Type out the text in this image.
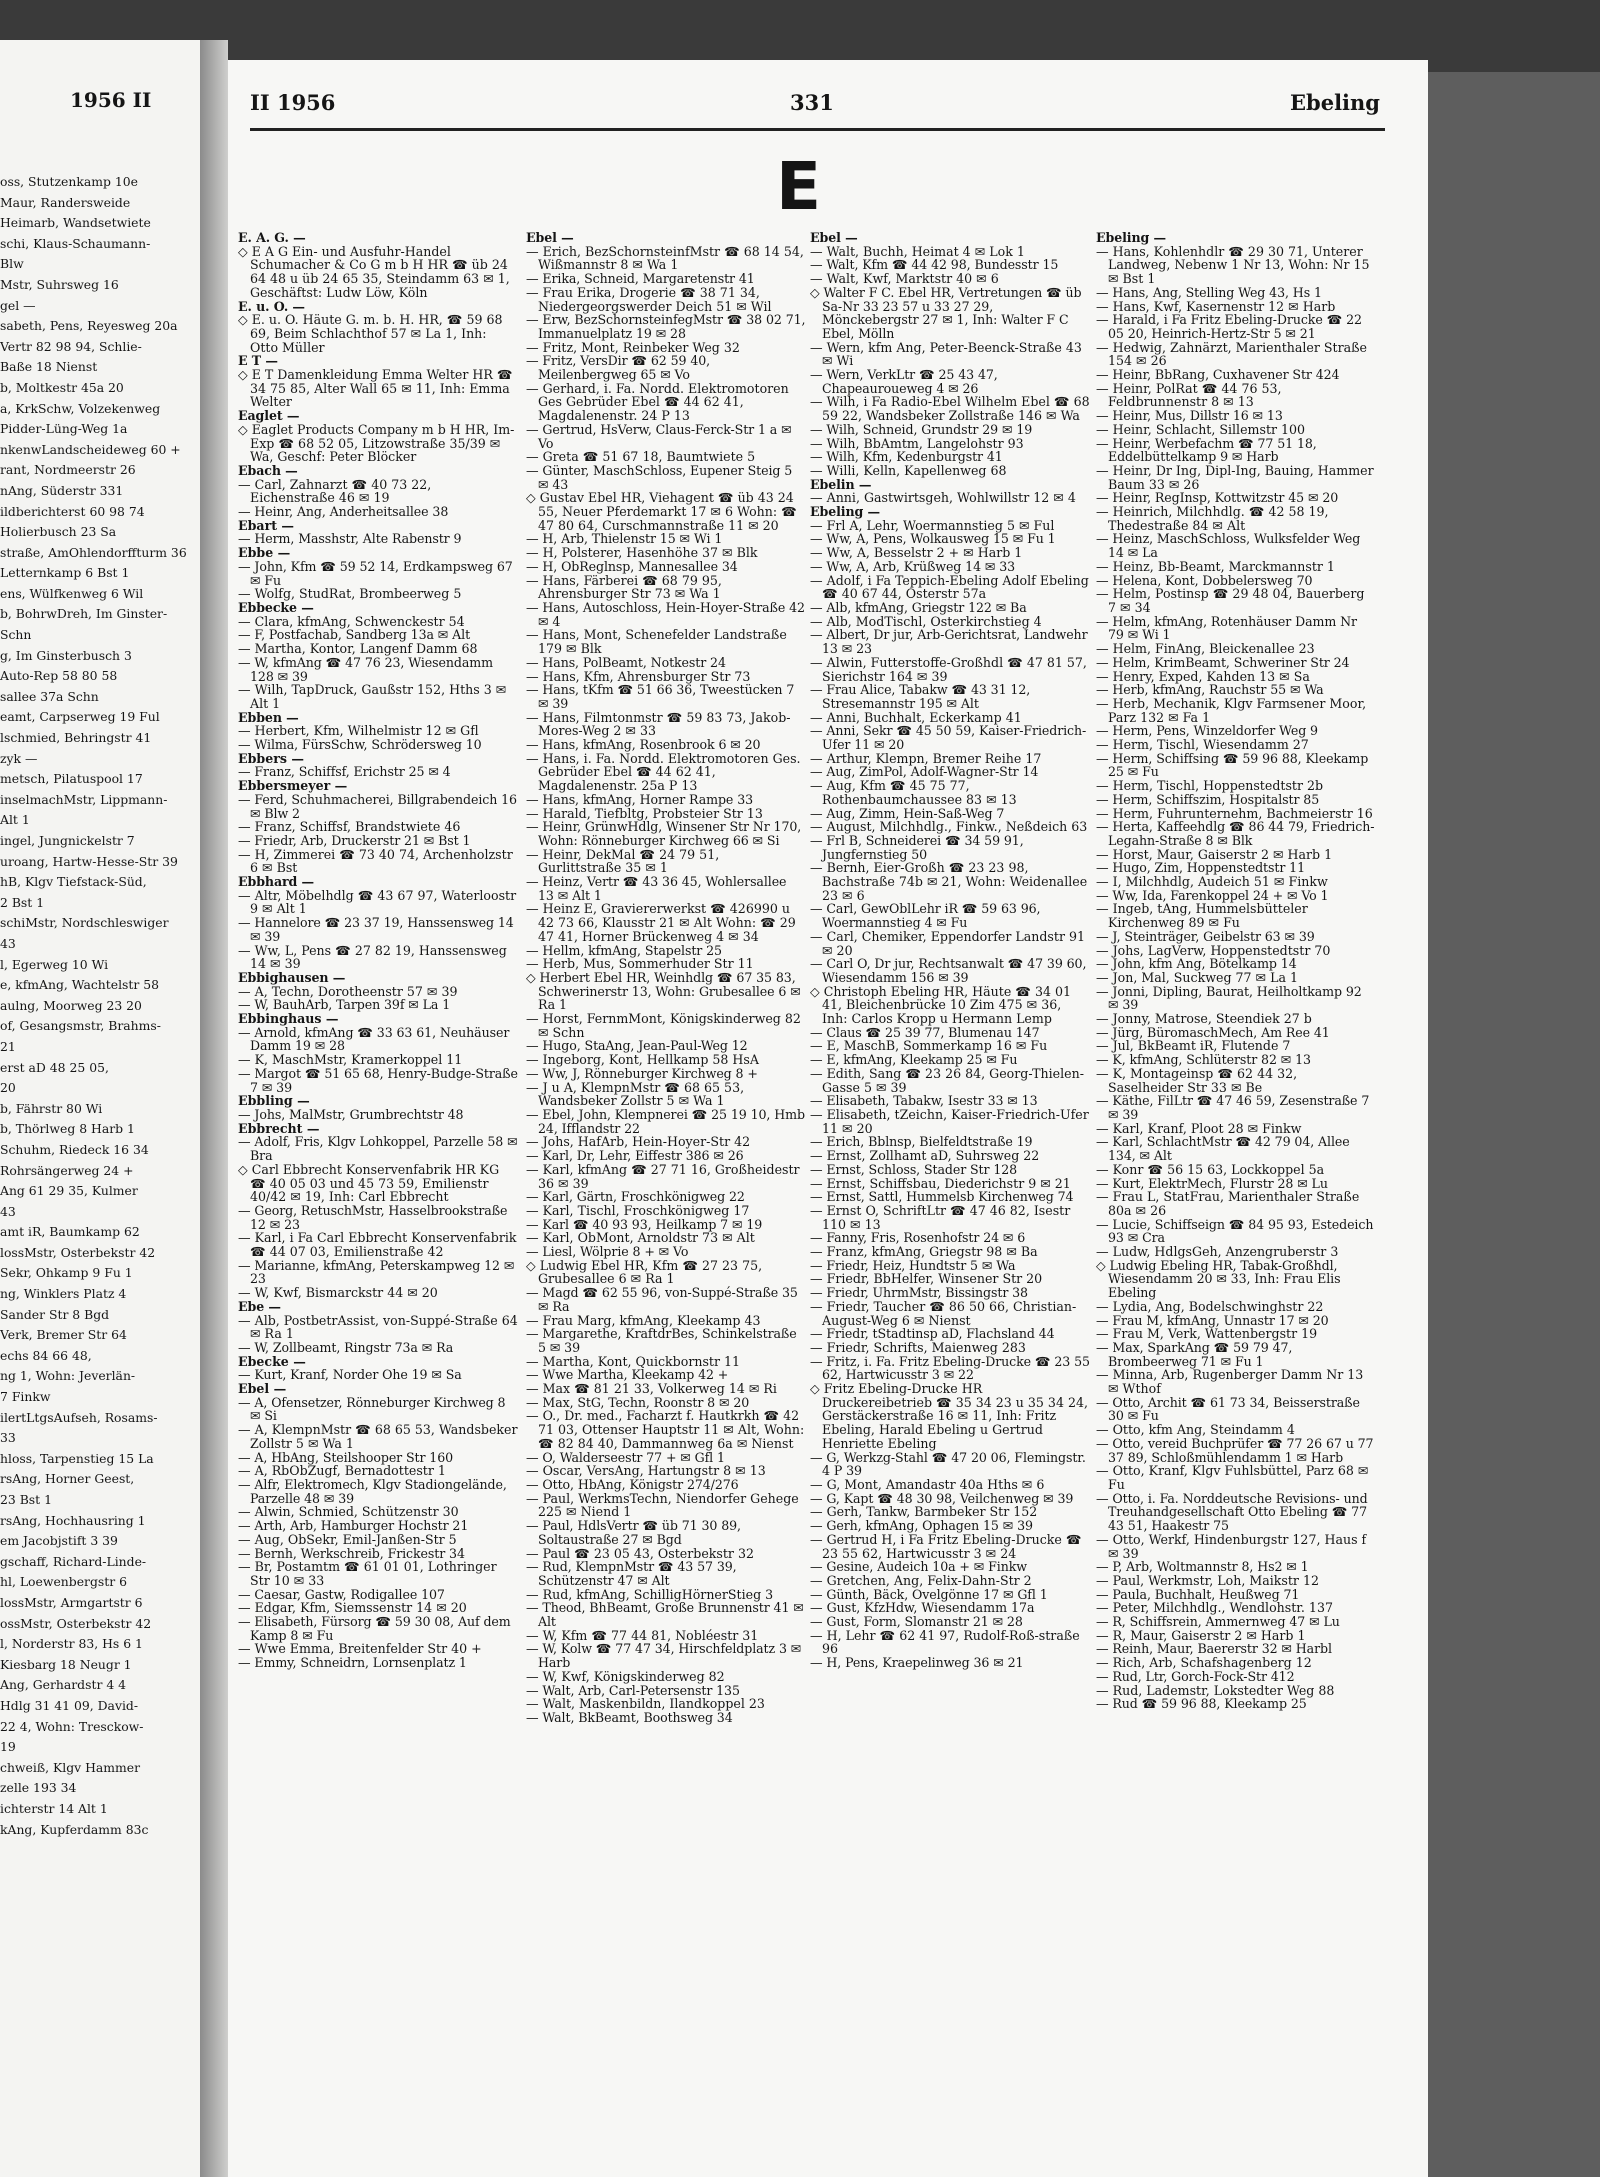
1956 II
oss, Stutzenkamp 10e
Maur, Randersweide
Heimarb, Wandsetwiete
schi, Klaus-Schaumann-
Blw
Mstr, Suhrsweg 16
gel —
sabeth, Pens, Reyesweg 20a
Vertr 82 98 94, Schlie-
Baße 18 Nienst
b, Moltkestr 45a 20
a, KrkSchw, Volzekenweg
Pidder-Lüng-Weg 1a
nkenwLandscheideweg 60 +
rant, Nordmeerstr 26
nAng, Süderstr 331
ildberichterst 60 98 74
Holierbusch 23 Sa
straße, AmOhlendorffturm 36
Letternkamp 6 Bst 1
ens, Wülfkenweg 6 Wil
b, BohrwDreh, Im Ginster-
Schn
g, Im Ginsterbusch 3
Auto-Rep 58 80 58
sallee 37a Schn
eamt, Carpserweg 19 Ful
lschmied, Behringstr 41
zyk —
metsch, Pilatuspool 17
inselmachMstr, Lippmann-
Alt 1
ingel, Jungnickelstr 7
uroang, Hartw-Hesse-Str 39
hB, Klgv Tiefstack-Süd,
2 Bst 1
schiMstr, Nordschleswiger
43
l, Egerweg 10 Wi
e, kfmAng, Wachtelstr 58
aulng, Moorweg 23 20
of, Gesangsmstr, Brahms-
21
erst aD 48 25 05,
20
b, Fährstr 80 Wi
b, Thörlweg 8 Harb 1
Schuhm, Riedeck 16 34
Rohrsängerweg 24 +
Ang 61 29 35, Kulmer
43
amt iR, Baumkamp 62
lossMstr, Osterbekstr 42
Sekr, Ohkamp 9 Fu 1
ng, Winklers Platz 4
Sander Str 8 Bgd
Verk, Bremer Str 64
echs 84 66 48,
ng 1, Wohn: Jeverlän-
7 Finkw
ilertLtgsAufseh, Rosams-
33
hloss, Tarpenstieg 15 La
rsAng, Horner Geest,
23 Bst 1
rsAng, Hochhausring 1
em Jacobjstift 3 39
gschaff, Richard-Linde-
hl, Loewenbergstr 6
lossMstr, Armgartstr 6
ossMstr, Osterbekstr 42
l, Norderstr 83, Hs 6 1
Kiesbarg 18 Neugr 1
Ang, Gerhardstr 4 4
Hdlg 31 41 09, David-
22 4, Wohn: Tresckow-
19
chweiß, Klgv Hammer
zelle 193 34
ichterstr 14 Alt 1
kAng, Kupferdamm 83c
II 1956	331	Ebeling
E

E. A. G. —

◇ E A G Ein- und Ausfuhr-Handel Schumacher & Co G m b H HR ☎ üb 24 64 48 u üb 24 65 35, Steindamm 63 ✉ 1, Geschäftst: Ludw Löw, Köln

E. u. O. —

◇ E. u. O. Häute G. m. b. H. HR, ☎ 59 68 69, Beim Schlachthof 57 ✉ La 1, Inh: Otto Müller

E T —

◇ E T Damenkleidung Emma Welter HR ☎ 34 75 85, Alter Wall 65 ✉ 11, Inh: Emma Welter

Eaglet —

◇ Eaglet Products Company m b H HR, Im-Exp ☎ 68 52 05, Litzowstraße 35/39 ✉ Wa, Geschf: Peter Blöcker

Ebach —

— Carl, Zahnarzt ☎ 40 73 22, Eichenstraße 46 ✉ 19

— Heinr, Ang, Anderheitsallee 38

Ebart —

— Herm, Masshstr, Alte Rabenstr 9

Ebbe —

— John, Kfm ☎ 59 52 14, Erdkampsweg 67 ✉ Fu

— Wolfg, StudRat, Brombeerweg 5

Ebbecke —

— Clara, kfmAng, Schwenckestr 54

— F, Postfachab, Sandberg 13a ✉ Alt

— Martha, Kontor, Langenf Damm 68

— W, kfmAng ☎ 47 76 23, Wiesendamm 128 ✉ 39

— Wilh, TapDruck, Gaußstr 152, Hths 3 ✉ Alt 1

Ebben —

— Herbert, Kfm, Wilhelmistr 12 ✉ Gfl

— Wilma, FürsSchw, Schrödersweg 10

Ebbers —

— Franz, Schiffsf, Erichstr 25 ✉ 4

Ebbersmeyer —

— Ferd, Schuhmacherei, Billgrabendeich 16 ✉ Blw 2

— Franz, Schiffsf, Brandstwiete 46

— Friedr, Arb, Druckerstr 21 ✉ Bst 1

— H, Zimmerei ☎ 73 40 74, Archenholzstr 6 ✉ Bst

Ebbhard —

— Altr, Möbelhdlg ☎ 43 67 97, Waterloostr 9 ✉ Alt 1

— Hannelore ☎ 23 37 19, Hanssensweg 14 ✉ 39

— Ww, L, Pens ☎ 27 82 19, Hanssensweg 14 ✉ 39

Ebbighausen —

— A, Techn, Dorotheenstr 57 ✉ 39

— W, BauhArb, Tarpen 39f ✉ La 1

Ebbinghaus —

— Arnold, kfmAng ☎ 33 63 61, Neuhäuser Damm 19 ✉ 28

— K, MaschMstr, Kramerkoppel 11

— Margot ☎ 51 65 68, Henry-Budge-Straße 7 ✉ 39

Ebbling —

— Johs, MalMstr, Grumbrechtstr 48

Ebbrecht —

— Adolf, Fris, Klgv Lohkoppel, Parzelle 58 ✉ Bra

◇ Carl Ebbrecht Konservenfabrik HR KG ☎ 40 05 03 und 45 73 59, Emilienstr 40/42 ✉ 19, Inh: Carl Ebbrecht

— Georg, RetuschMstr, Hasselbrookstraße 12 ✉ 23

— Karl, i Fa Carl Ebbrecht Konservenfabrik ☎ 44 07 03, Emilienstraße 42

— Marianne, kfmAng, Peterskampweg 12 ✉ 23

— W, Kwf, Bismarckstr 44 ✉ 20

Ebe —

— Alb, PostbetrAssist, von-Suppé-Straße 64 ✉ Ra 1

— W, Zollbeamt, Ringstr 73a ✉ Ra

Ebecke —

— Kurt, Kranf, Norder Ohe 19 ✉ Sa

Ebel —

— A, Ofensetzer, Rönneburger Kirchweg 8 ✉ Si

— A, KlempnMstr ☎ 68 65 53, Wandsbeker Zollstr 5 ✉ Wa 1

— A, HbAng, Steilshooper Str 160

— A, RbObZugf, Bernadottestr 1

— Alfr, Elektromech, Klgv Stadiongelände, Parzelle 48 ✉ 39

— Alwin, Schmied, Schützenstr 30

— Arth, Arb, Hamburger Hochstr 21

— Aug, ObSekr, Emil-Janßen-Str 5

— Bernh, Werkschreib, Frickestr 34

— Br, Postamtm ☎ 61 01 01, Lothringer Str 10 ✉ 33

— Caesar, Gastw, Rodigallee 107

— Edgar, Kfm, Siemssenstr 14 ✉ 20

— Elisabeth, Fürsorg ☎ 59 30 08, Auf dem Kamp 8 ✉ Fu

— Wwe Emma, Breitenfelder Str 40 +

— Emmy, Schneidrn, Lornsenplatz 1

Ebel —

— Erich, BezSchornsteinfMstr ☎ 68 14 54, Wißmannstr 8 ✉ Wa 1

— Erika, Schneid, Margaretenstr 41

— Frau Erika, Drogerie ☎ 38 71 34, Niedergeorgswerder Deich 51 ✉ Wil

— Erw, BezSchornsteinfegMstr ☎ 38 02 71, Immanuelplatz 19 ✉ 28

— Fritz, Mont, Reinbeker Weg 32

— Fritz, VersDir ☎ 62 59 40, Meilenbergweg 65 ✉ Vo

— Gerhard, i. Fa. Nordd. Elektromotoren Ges Gebrüder Ebel ☎ 44 62 41, Magdalenenstr. 24 P 13

— Gertrud, HsVerw, Claus-Ferck-Str 1 a ✉ Vo

— Greta ☎ 51 67 18, Baumtwiete 5

— Günter, MaschSchloss, Eupener Steig 5 ✉ 43

◇ Gustav Ebel HR, Viehagent ☎ üb 43 24 55, Neuer Pferdemarkt 17 ✉ 6 Wohn: ☎ 47 80 64, Curschmannstraße 11 ✉ 20

— H, Arb, Thielenstr 15 ✉ Wi 1

— H, Polsterer, Hasenhöhe 37 ✉ Blk

— H, ObReglnsp, Mannesallee 34

— Hans, Färberei ☎ 68 79 95, Ahrensburger Str 73 ✉ Wa 1

— Hans, Autoschloss, Hein-Hoyer-Straße 42 ✉ 4

— Hans, Mont, Schenefelder Landstraße 179 ✉ Blk

— Hans, PolBeamt, Notkestr 24

— Hans, Kfm, Ahrensburger Str 73

— Hans, tKfm ☎ 51 66 36, Tweestücken 7 ✉ 39

— Hans, Filmtonmstr ☎ 59 83 73, Jakob-Mores-Weg 2 ✉ 33

— Hans, kfmAng, Rosenbrook 6 ✉ 20

— Hans, i. Fa. Nordd. Elektromotoren Ges. Gebrüder Ebel ☎ 44 62 41, Magdalenenstr. 25a P 13

— Hans, kfmAng, Horner Rampe 33

— Harald, Tiefbltg, Probsteier Str 13

— Heinr, GrünwHdlg, Winsener Str Nr 170, Wohn: Rönneburger Kirchweg 66 ✉ Si

— Heinr, DekMal ☎ 24 79 51, Gurlittstraße 35 ✉ 1

— Heinz, Vertr ☎ 43 36 45, Wohlersallee 13 ✉ Alt 1

— Heinz E, Graviererwerkst ☎ 426990 u 42 73 66, Klausstr 21 ✉ Alt Wohn: ☎ 29 47 41, Horner Brückenweg 4 ✉ 34

— Hellm, kfmAng, Stapelstr 25

— Herb, Mus, Sommerhuder Str 11

◇ Herbert Ebel HR, Weinhdlg ☎ 67 35 83, Schwerinerstr 13, Wohn: Grubesallee 6 ✉ Ra 1

— Horst, FernmMont, Königskinderweg 82 ✉ Schn

— Hugo, StaAng, Jean-Paul-Weg 12

— Ingeborg, Kont, Hellkamp 58 HsA

— Ww, J, Rönneburger Kirchweg 8 +

— J u A, KlempnMstr ☎ 68 65 53, Wandsbeker Zollstr 5 ✉ Wa 1

— Ebel, John, Klempnerei ☎ 25 19 10, Hmb 24, Ifflandstr 22

— Johs, HafArb, Hein-Hoyer-Str 42

— Karl, Dr, Lehr, Eiffestr 386 ✉ 26

— Karl, kfmAng ☎ 27 71 16, Großheidestr 36 ✉ 39

— Karl, Gärtn, Froschkönigweg 22

— Karl, Tischl, Froschkönigweg 17

— Karl ☎ 40 93 93, Heilkamp 7 ✉ 19

— Karl, ObMont, Arnoldstr 73 ✉ Alt

— Liesl, Wölprie 8 + ✉ Vo

◇ Ludwig Ebel HR, Kfm ☎ 27 23 75, Grubesallee 6 ✉ Ra 1

— Magd ☎ 62 55 96, von-Suppé-Straße 35 ✉ Ra

— Frau Marg, kfmAng, Kleekamp 43

— Margarethe, KraftdrBes, Schinkelstraße 5 ✉ 39

— Martha, Kont, Quickbornstr 11

— Wwe Martha, Kleekamp 42 +

— Max ☎ 81 21 33, Volkerweg 14 ✉ Ri

— Max, StG, Techn, Roonstr 8 ✉ 20

— O., Dr. med., Facharzt f. Hautkrkh ☎ 42 71 03, Ottenser Hauptstr 11 ✉ Alt, Wohn: ☎ 82 84 40, Dammannweg 6a ✉ Nienst

— O, Walderseestr 77 + ✉ Gfl 1

— Oscar, VersAng, Hartungstr 8 ✉ 13

— Otto, HbAng, Königstr 274/276

— Paul, WerkmsTechn, Niendorfer Gehege 225 ✉ Niend 1

— Paul, HdlsVertr ☎ üb 71 30 89, Soltaustraße 27 ✉ Bgd

— Paul ☎ 23 05 43, Osterbekstr 32

— Rud, KlempnMstr ☎ 43 57 39, Schützenstr 47 ✉ Alt

— Rud, kfmAng, SchilligHörnerStieg 3

— Theod, BhBeamt, Große Brunnenstr 41 ✉ Alt

— W, Kfm ☎ 77 44 81, Nobléestr 31

— W, Kolw ☎ 77 47 34, Hirschfeldplatz 3 ✉ Harb

— W, Kwf, Königskinderweg 82

— Walt, Arb, Carl-Petersenstr 135

— Walt, Maskenbildn, Ilandkoppel 23

— Walt, BkBeamt, Boothsweg 34

Ebel —

— Walt, Buchh, Heimat 4 ✉ Lok 1

— Walt, Kfm ☎ 44 42 98, Bundesstr 15

— Walt, Kwf, Marktstr 40 ✉ 6

◇ Walter F C. Ebel HR, Vertretungen ☎ üb Sa-Nr 33 23 57 u 33 27 29, Mönckebergstr 27 ✉ 1, Inh: Walter F C Ebel, Mölln

— Wern, kfm Ang, Peter-Beenck-Straße 43 ✉ Wi

— Wern, VerkLtr ☎ 25 43 47, Chapeauroueweg 4 ✉ 26

— Wilh, i Fa Radio-Ebel Wilhelm Ebel ☎ 68 59 22, Wandsbeker Zollstraße 146 ✉ Wa

— Wilh, Schneid, Grundstr 29 ✉ 19

— Wilh, BbAmtm, Langelohstr 93

— Wilh, Kfm, Kedenburgstr 41

— Willi, Kelln, Kapellenweg 68

Ebelin —

— Anni, Gastwirtsgeh, Wohlwillstr 12 ✉ 4

Ebeling —

— Frl A, Lehr, Woermannstieg 5 ✉ Ful

— Ww, A, Pens, Wolkausweg 15 ✉ Fu 1

— Ww, A, Besselstr 2 + ✉ Harb 1

— Ww, A, Arb, Krüßweg 14 ✉ 33

— Adolf, i Fa Teppich-Ebeling Adolf Ebeling ☎ 40 67 44, Osterstr 57a

— Alb, kfmAng, Griegstr 122 ✉ Ba

— Alb, ModTischl, Osterkirchstieg 4

— Albert, Dr jur, Arb-Gerichtsrat, Landwehr 13 ✉ 23

— Alwin, Futterstoffe-Großhdl ☎ 47 81 57, Sierichstr 164 ✉ 39

— Frau Alice, Tabakw ☎ 43 31 12, Stresemannstr 195 ✉ Alt

— Anni, Buchhalt, Eckerkamp 41

— Anni, Sekr ☎ 45 50 59, Kaiser-Friedrich-Ufer 11 ✉ 20

— Arthur, Klempn, Bremer Reihe 17

— Aug, ZimPol, Adolf-Wagner-Str 14

— Aug, Kfm ☎ 45 75 77, Rothenbaumchaussee 83 ✉ 13

— Aug, Zimm, Hein-Saß-Weg 7

— August, Milchhdlg., Finkw., Neßdeich 63

— Frl B, Schneiderei ☎ 34 59 91, Jungfernstieg 50

— Bernh, Eier-Großh ☎ 23 23 98, Bachstraße 74b ✉ 21, Wohn: Weidenallee 23 ✉ 6

— Carl, GewOblLehr iR ☎ 59 63 96, Woermannstieg 4 ✉ Fu

— Carl, Chemiker, Eppendorfer Landstr 91 ✉ 20

— Carl O, Dr jur, Rechtsanwalt ☎ 47 39 60, Wiesendamm 156 ✉ 39

◇ Christoph Ebeling HR, Häute ☎ 34 01 41, Bleichenbrücke 10 Zim 475 ✉ 36, Inh: Carlos Kropp u Hermann Lemp

— Claus ☎ 25 39 77, Blumenau 147

— E, MaschB, Sommerkamp 16 ✉ Fu

— E, kfmAng, Kleekamp 25 ✉ Fu

— Edith, Sang ☎ 23 26 84, Georg-Thielen-Gasse 5 ✉ 39

— Elisabeth, Tabakw, Isestr 33 ✉ 13

— Elisabeth, tZeichn, Kaiser-Friedrich-Ufer 11 ✉ 20

— Erich, Bblnsp, Bielfeldtstraße 19

— Ernst, Zollhamt aD, Suhrsweg 22

— Ernst, Schloss, Stader Str 128

— Ernst, Schiffsbau, Diederichstr 9 ✉ 21

— Ernst, Sattl, Hummelsb Kirchenweg 74

— Ernst O, SchriftLtr ☎ 47 46 82, Isestr 110 ✉ 13

— Fanny, Fris, Rosenhofstr 24 ✉ 6

— Franz, kfmAng, Griegstr 98 ✉ Ba

— Friedr, Heiz, Hundtstr 5 ✉ Wa

— Friedr, BbHelfer, Winsener Str 20

— Friedr, UhrmMstr, Bissingstr 38

— Friedr, Taucher ☎ 86 50 66, Christian-August-Weg 6 ✉ Nienst

— Friedr, tStadtinsp aD, Flachsland 44

— Friedr, Schrifts, Maienweg 283

— Fritz, i. Fa. Fritz Ebeling-Drucke ☎ 23 55 62, Hartwicusstr 3 ✉ 22

◇ Fritz Ebeling-Drucke HR Druckereibetrieb ☎ 35 34 23 u 35 34 24, Gerstäckerstraße 16 ✉ 11, Inh: Fritz Ebeling, Harald Ebeling u Gertrud Henriette Ebeling

— G, Werkzg-Stahl ☎ 47 20 06, Flemingstr. 4 P 39

— G, Mont, Amandastr 40a Hths ✉ 6

— G, Kapt ☎ 48 30 98, Veilchenweg ✉ 39

— Gerh, Tankw, Barmbeker Str 152

— Gerh, kfmAng, Ophagen 15 ✉ 39

— Gertrud H, i Fa Fritz Ebeling-Drucke ☎ 23 55 62, Hartwicusstr 3 ✉ 24

— Gesine, Audeich 10a + ✉ Finkw

— Gretchen, Ang, Felix-Dahn-Str 2

— Günth, Bäck, Ovelgönne 17 ✉ Gfl 1

— Gust, KfzHdw, Wiesendamm 17a

— Gust, Form, Slomanstr 21 ✉ 28

— H, Lehr ☎ 62 41 97, Rudolf-Roß-straße 96

— H, Pens, Kraepelinweg 36 ✉ 21

Ebeling —

— Hans, Kohlenhdlr ☎ 29 30 71, Unterer Landweg, Nebenw 1 Nr 13, Wohn: Nr 15 ✉ Bst 1

— Hans, Ang, Stelling Weg 43, Hs 1

— Hans, Kwf, Kasernenstr 12 ✉ Harb

— Harald, i Fa Fritz Ebeling-Drucke ☎ 22 05 20, Heinrich-Hertz-Str 5 ✉ 21

— Hedwig, Zahnärzt, Marienthaler Straße 154 ✉ 26

— Heinr, BbRang, Cuxhavener Str 424

— Heinr, PolRat ☎ 44 76 53, Feldbrunnenstr 8 ✉ 13

— Heinr, Mus, Dillstr 16 ✉ 13

— Heinr, Schlacht, Sillemstr 100

— Heinr, Werbefachm ☎ 77 51 18, Eddelbüttelkamp 9 ✉ Harb

— Heinr, Dr Ing, Dipl-Ing, Bauing, Hammer Baum 33 ✉ 26

— Heinr, RegInsp, Kottwitzstr 45 ✉ 20

— Heinrich, Milchhdlg. ☎ 42 58 19, Thedestraße 84 ✉ Alt

— Heinz, MaschSchloss, Wulksfelder Weg 14 ✉ La

— Heinz, Bb-Beamt, Marckmannstr 1

— Helena, Kont, Dobbelersweg 70

— Helm, Postinsp ☎ 29 48 04, Bauerberg 7 ✉ 34

— Helm, kfmAng, Rotenhäuser Damm Nr 79 ✉ Wi 1

— Helm, FinAng, Bleickenallee 23

— Helm, KrimBeamt, Schweriner Str 24

— Henry, Exped, Kahden 13 ✉ Sa

— Herb, kfmAng, Rauchstr 55 ✉ Wa

— Herb, Mechanik, Klgv Farmsener Moor, Parz 132 ✉ Fa 1

— Herm, Pens, Winzeldorfer Weg 9

— Herm, Tischl, Wiesendamm 27

— Herm, Schiffsing ☎ 59 96 88, Kleekamp 25 ✉ Fu

— Herm, Tischl, Hoppenstedtstr 2b

— Herm, Schiffszim, Hospitalstr 85

— Herm, Fuhrunternehm, Bachmeierstr 16

— Herta, Kaffeehdlg ☎ 86 44 79, Friedrich-Legahn-Straße 8 ✉ Blk

— Horst, Maur, Gaiserstr 2 ✉ Harb 1

— Hugo, Zim, Hoppenstedtstr 11

— I, Milchhdlg, Audeich 51 ✉ Finkw

— Ww, Ida, Farenkoppel 24 + ✉ Vo 1

— Ingeb, tAng, Hummelsbütteler Kirchenweg 89 ✉ Fu

— J, Steinträger, Geibelstr 63 ✉ 39

— Johs, LagVerw, Hoppenstedtstr 70

— John, kfm Ang, Bötelkamp 14

— Jon, Mal, Suckweg 77 ✉ La 1

— Jonni, Dipling, Baurat, Heilholtkamp 92 ✉ 39

— Jonny, Matrose, Steendiek 27 b

— Jürg, BüromaschMech, Am Ree 41

— Jul, BkBeamt iR, Flutende 7

— K, kfmAng, Schlüterstr 82 ✉ 13

— K, Montageinsp ☎ 62 44 32, Saselheider Str 33 ✉ Be

— Käthe, FilLtr ☎ 47 46 59, Zesenstraße 7 ✉ 39

— Karl, Kranf, Ploot 28 ✉ Finkw

— Karl, SchlachtMstr ☎ 42 79 04, Allee 134, ✉ Alt

— Konr ☎ 56 15 63, Lockkoppel 5a

— Kurt, ElektrMech, Flurstr 28 ✉ Lu

— Frau L, StatFrau, Marienthaler Straße 80a ✉ 26

— Lucie, Schiffseign ☎ 84 95 93, Estedeich 93 ✉ Cra

— Ludw, HdlgsGeh, Anzengruberstr 3

◇ Ludwig Ebeling HR, Tabak-Großhdl, Wiesendamm 20 ✉ 33, Inh: Frau Elis Ebeling

— Lydia, Ang, Bodelschwinghstr 22

— Frau M, kfmAng, Unnastr 17 ✉ 20

— Frau M, Verk, Wattenbergstr 19

— Max, SparkAng ☎ 59 79 47, Brombeerweg 71 ✉ Fu 1

— Minna, Arb, Rugenberger Damm Nr 13 ✉ Wthof

— Otto, Archit ☎ 61 73 34, Beisserstraße 30 ✉ Fu

— Otto, kfm Ang, Steindamm 4

— Otto, vereid Buchprüfer ☎ 77 26 67 u 77 37 89, Schloßmühlendamm 1 ✉ Harb

— Otto, Kranf, Klgv Fuhlsbüttel, Parz 68 ✉ Fu

— Otto, i. Fa. Norddeutsche Revisions- und Treuhandgesellschaft Otto Ebeling ☎ 77 43 51, Haakestr 75

— Otto, Werkf, Hindenburgstr 127, Haus f ✉ 39

— P, Arb, Woltmannstr 8, Hs2 ✉ 1

— Paul, Werkmstr, Loh, Maikstr 12

— Paula, Buchhalt, Heußweg 71

— Peter, Milchhdlg., Wendlohstr. 137

— R, Schiffsrein, Ammernweg 47 ✉ Lu

— R, Maur, Gaiserstr 2 ✉ Harb 1

— Reinh, Maur, Baererstr 32 ✉ Harbl

— Rich, Arb, Schafshagenberg 12

— Rud, Ltr, Gorch-Fock-Str 412

— Rud, Lademstr, Lokstedter Weg 88

— Rud ☎ 59 96 88, Kleekamp 25
